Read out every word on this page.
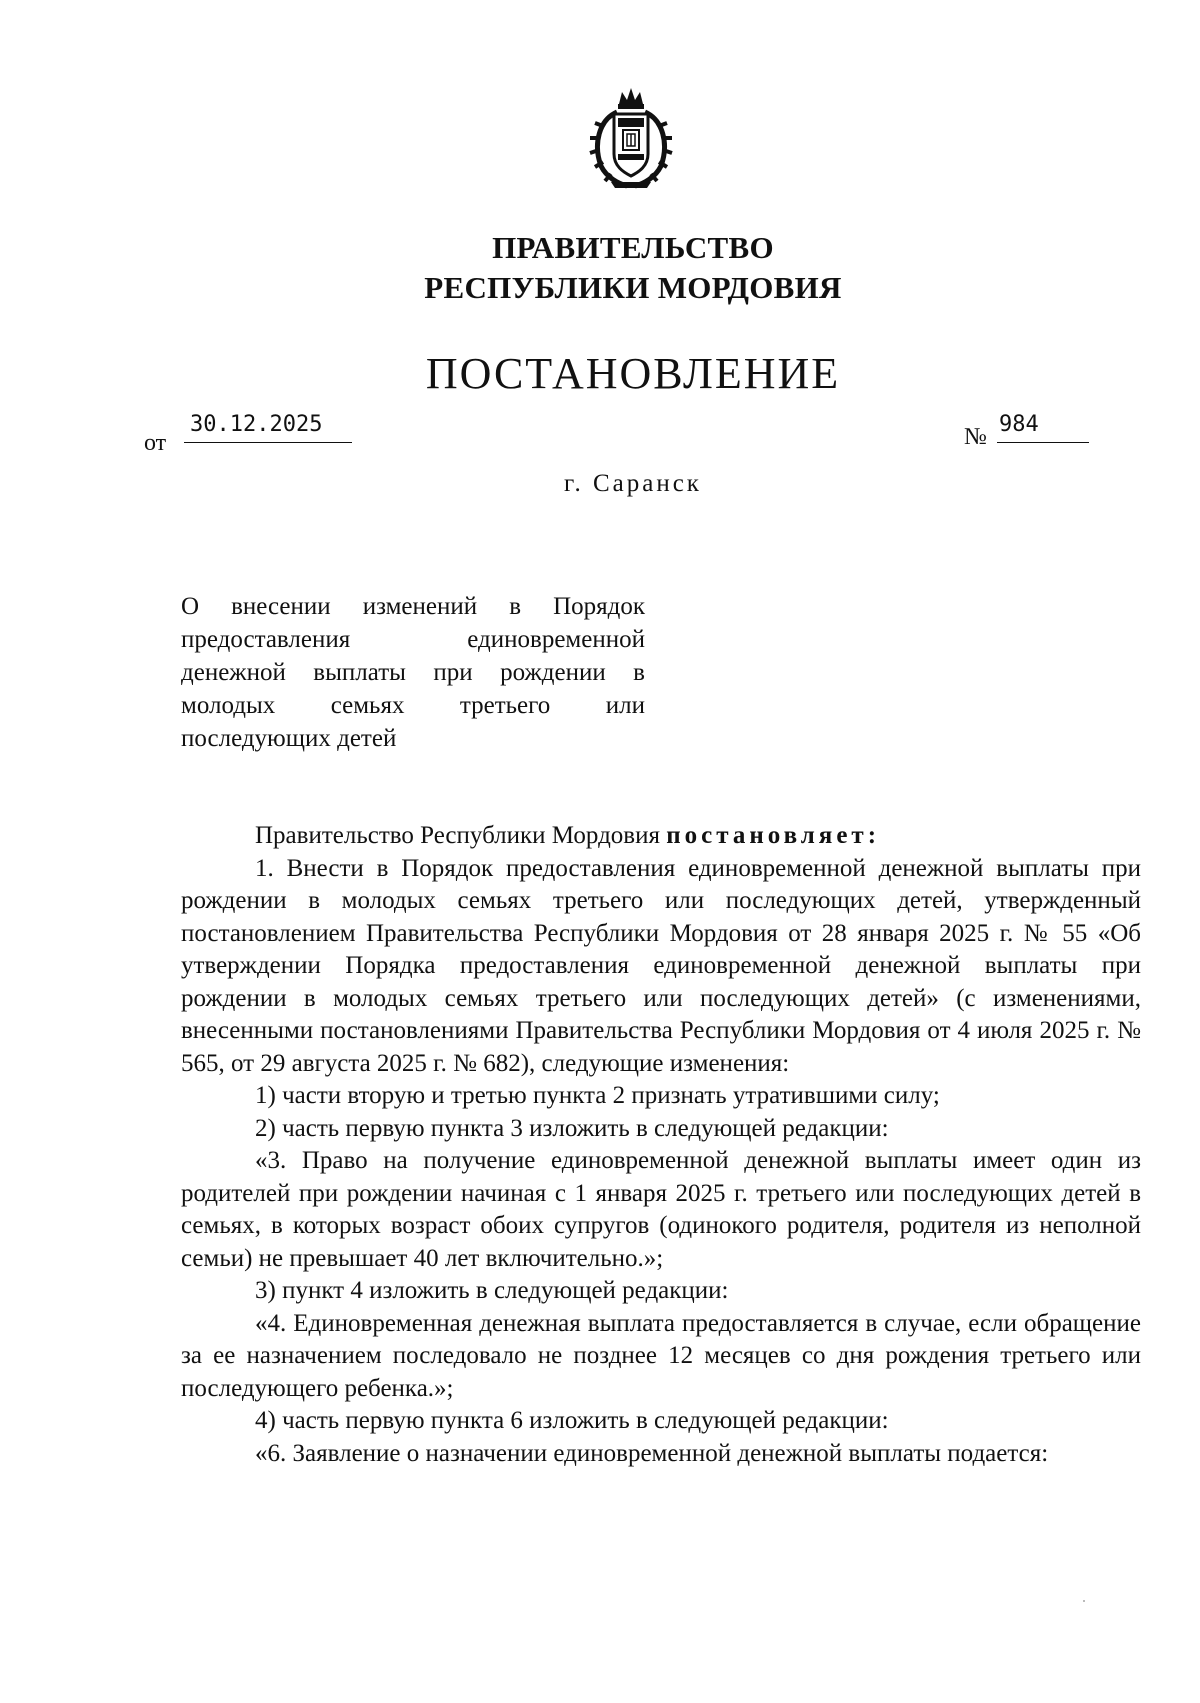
ПРАВИТЕЛЬСТВО
РЕСПУБЛИКИ МОРДОВИЯ
ПОСТАНОВЛЕНИЕ
от
30.12.2025	№ 984
г. Саранск
О внесении изменений в Порядок
предоставления единовременной
денежной выплаты при рождении в
молодых семьях третьего или
последующих детей

Правительство Республики Мордовия постановляет:

1. Внести в Порядок предоставления единовременной денежной выплаты при рождении в молодых семьях третьего или последующих детей, утвержденный постановлением Правительства Республики Мордовия от 28 января 2025 г. № 55 «Об утверждении Порядка предоставления единовременной денежной выплаты при рождении в молодых семьях третьего или последующих детей» (с изменениями, внесенными постановлениями Правительства Республики Мордовия от 4 июля 2025 г. № 565, от 29 августа 2025 г. № 682), следующие изменения:

1) части вторую и третью пункта 2 признать утратившими силу;

2) часть первую пункта 3 изложить в следующей редакции:

«3. Право на получение единовременной денежной выплаты имеет один из родителей при рождении начиная с 1 января 2025 г. третьего или последующих детей в семьях, в которых возраст обоих супругов (одинокого родителя, родителя из неполной семьи) не превышает 40 лет включительно.»;

3) пункт 4 изложить в следующей редакции:

«4. Единовременная денежная выплата предоставляется в случае, если обращение за ее назначением последовало не позднее 12 месяцев со дня рождения третьего или последующего ребенка.»;

4) часть первую пункта 6 изложить в следующей редакции:

«6. Заявление о назначении единовременной денежной выплаты подается:
